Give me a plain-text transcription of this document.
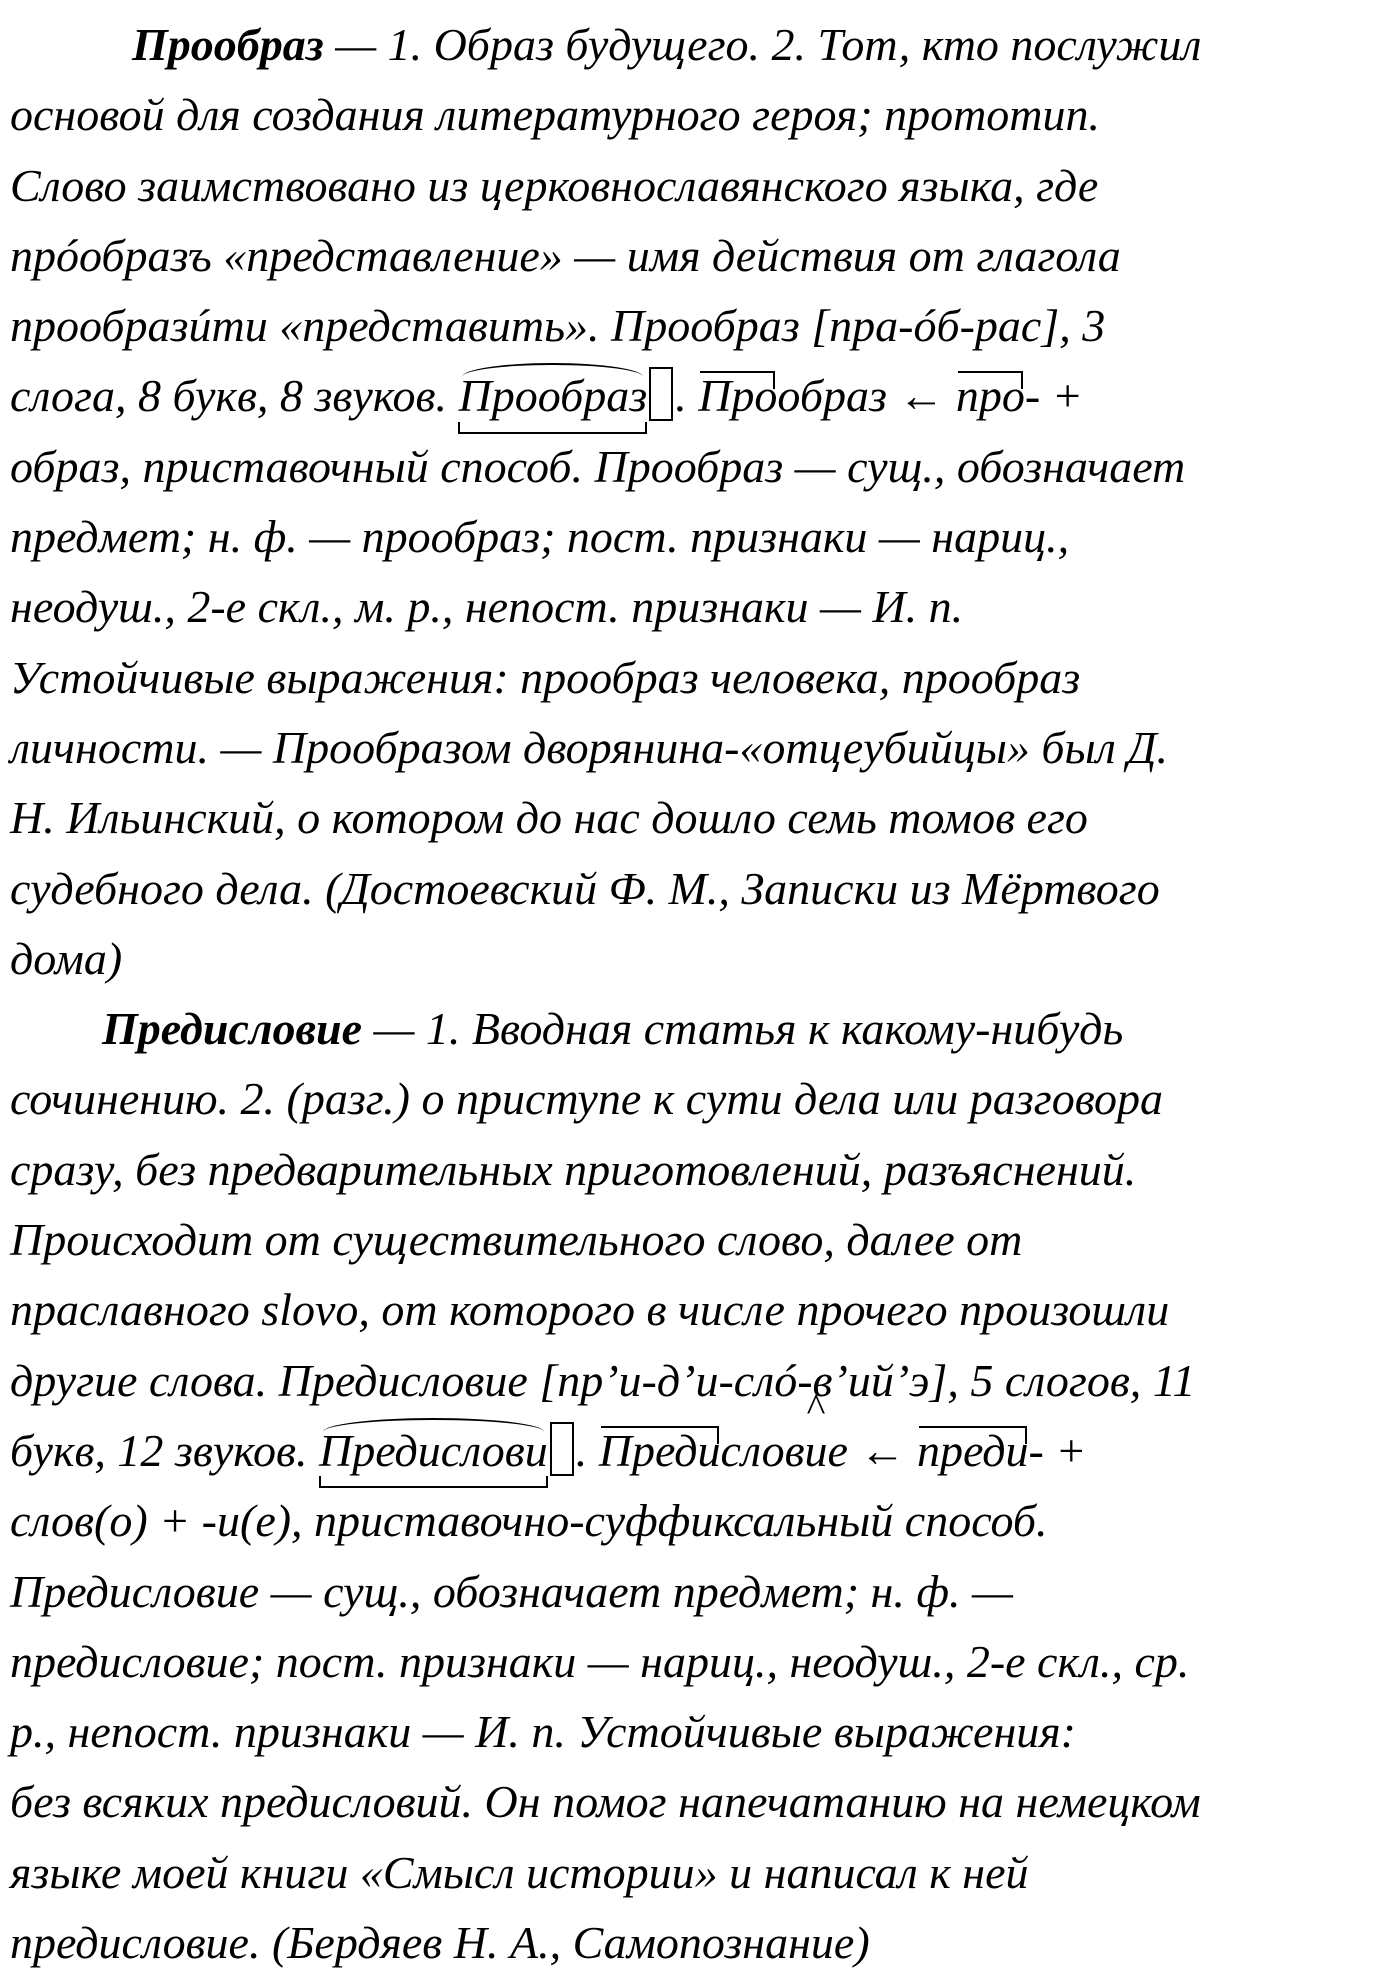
Прообраз — 1. Образ будущего. 2. Тот, кто послужил
основой для создания литературного героя; прототип.
Слово заимствовано из церковнославянского языка, где
прóобразъ «представление» — имя действия от глагола
прообразúти «представить». Прообраз [пра-óб-рас], 3
слога, 8 букв, 8 звуков. Прообраз . Прообраз ← про- +
образ, приставочный способ. Прообраз — сущ., обозначает
предмет; н. ф. — прообраз; пост. признаки — нариц.,
неодуш., 2-е скл., м. р., непост. признаки — И. п.
Устойчивые выражения: прообраз человека, прообраз
личности. — Прообразом дворянина-«отцеубийцы» был Д.
Н. Ильинский, о котором до нас дошло семь томов его
судебного дела. (Достоевский Ф. М., Записки из Мёртвого
дома)
Предисловие — 1. Вводная статья к какому-нибудь
сочинению. 2. (разг.) о приступе к сути дела или разговора
сразу, без предварительных приготовлений, разъяснений.
Происходит от существительного слово, далее от
праславного slovo, от которого в числе прочего произошли
другие слова. Предисловие [пр’и-д’и-слó-в’ий’э], 5 слогов, 11
букв, 12 звуков. Предислови . Предислов^ ие ← преди- +
слов(о) + -и(е), приставочно-суффиксальный способ.
Предисловие — сущ., обозначает предмет; н. ф. —
предисловие; пост. признаки — нариц., неодуш., 2-е скл., ср.
р., непост. признаки — И. п. Устойчивые выражения:
без всяких предисловий. Он помог напечатанию на немецком
языке моей книги «Смысл истории» и написал к ней
предисловие. (Бердяев Н. А., Самопознание)
